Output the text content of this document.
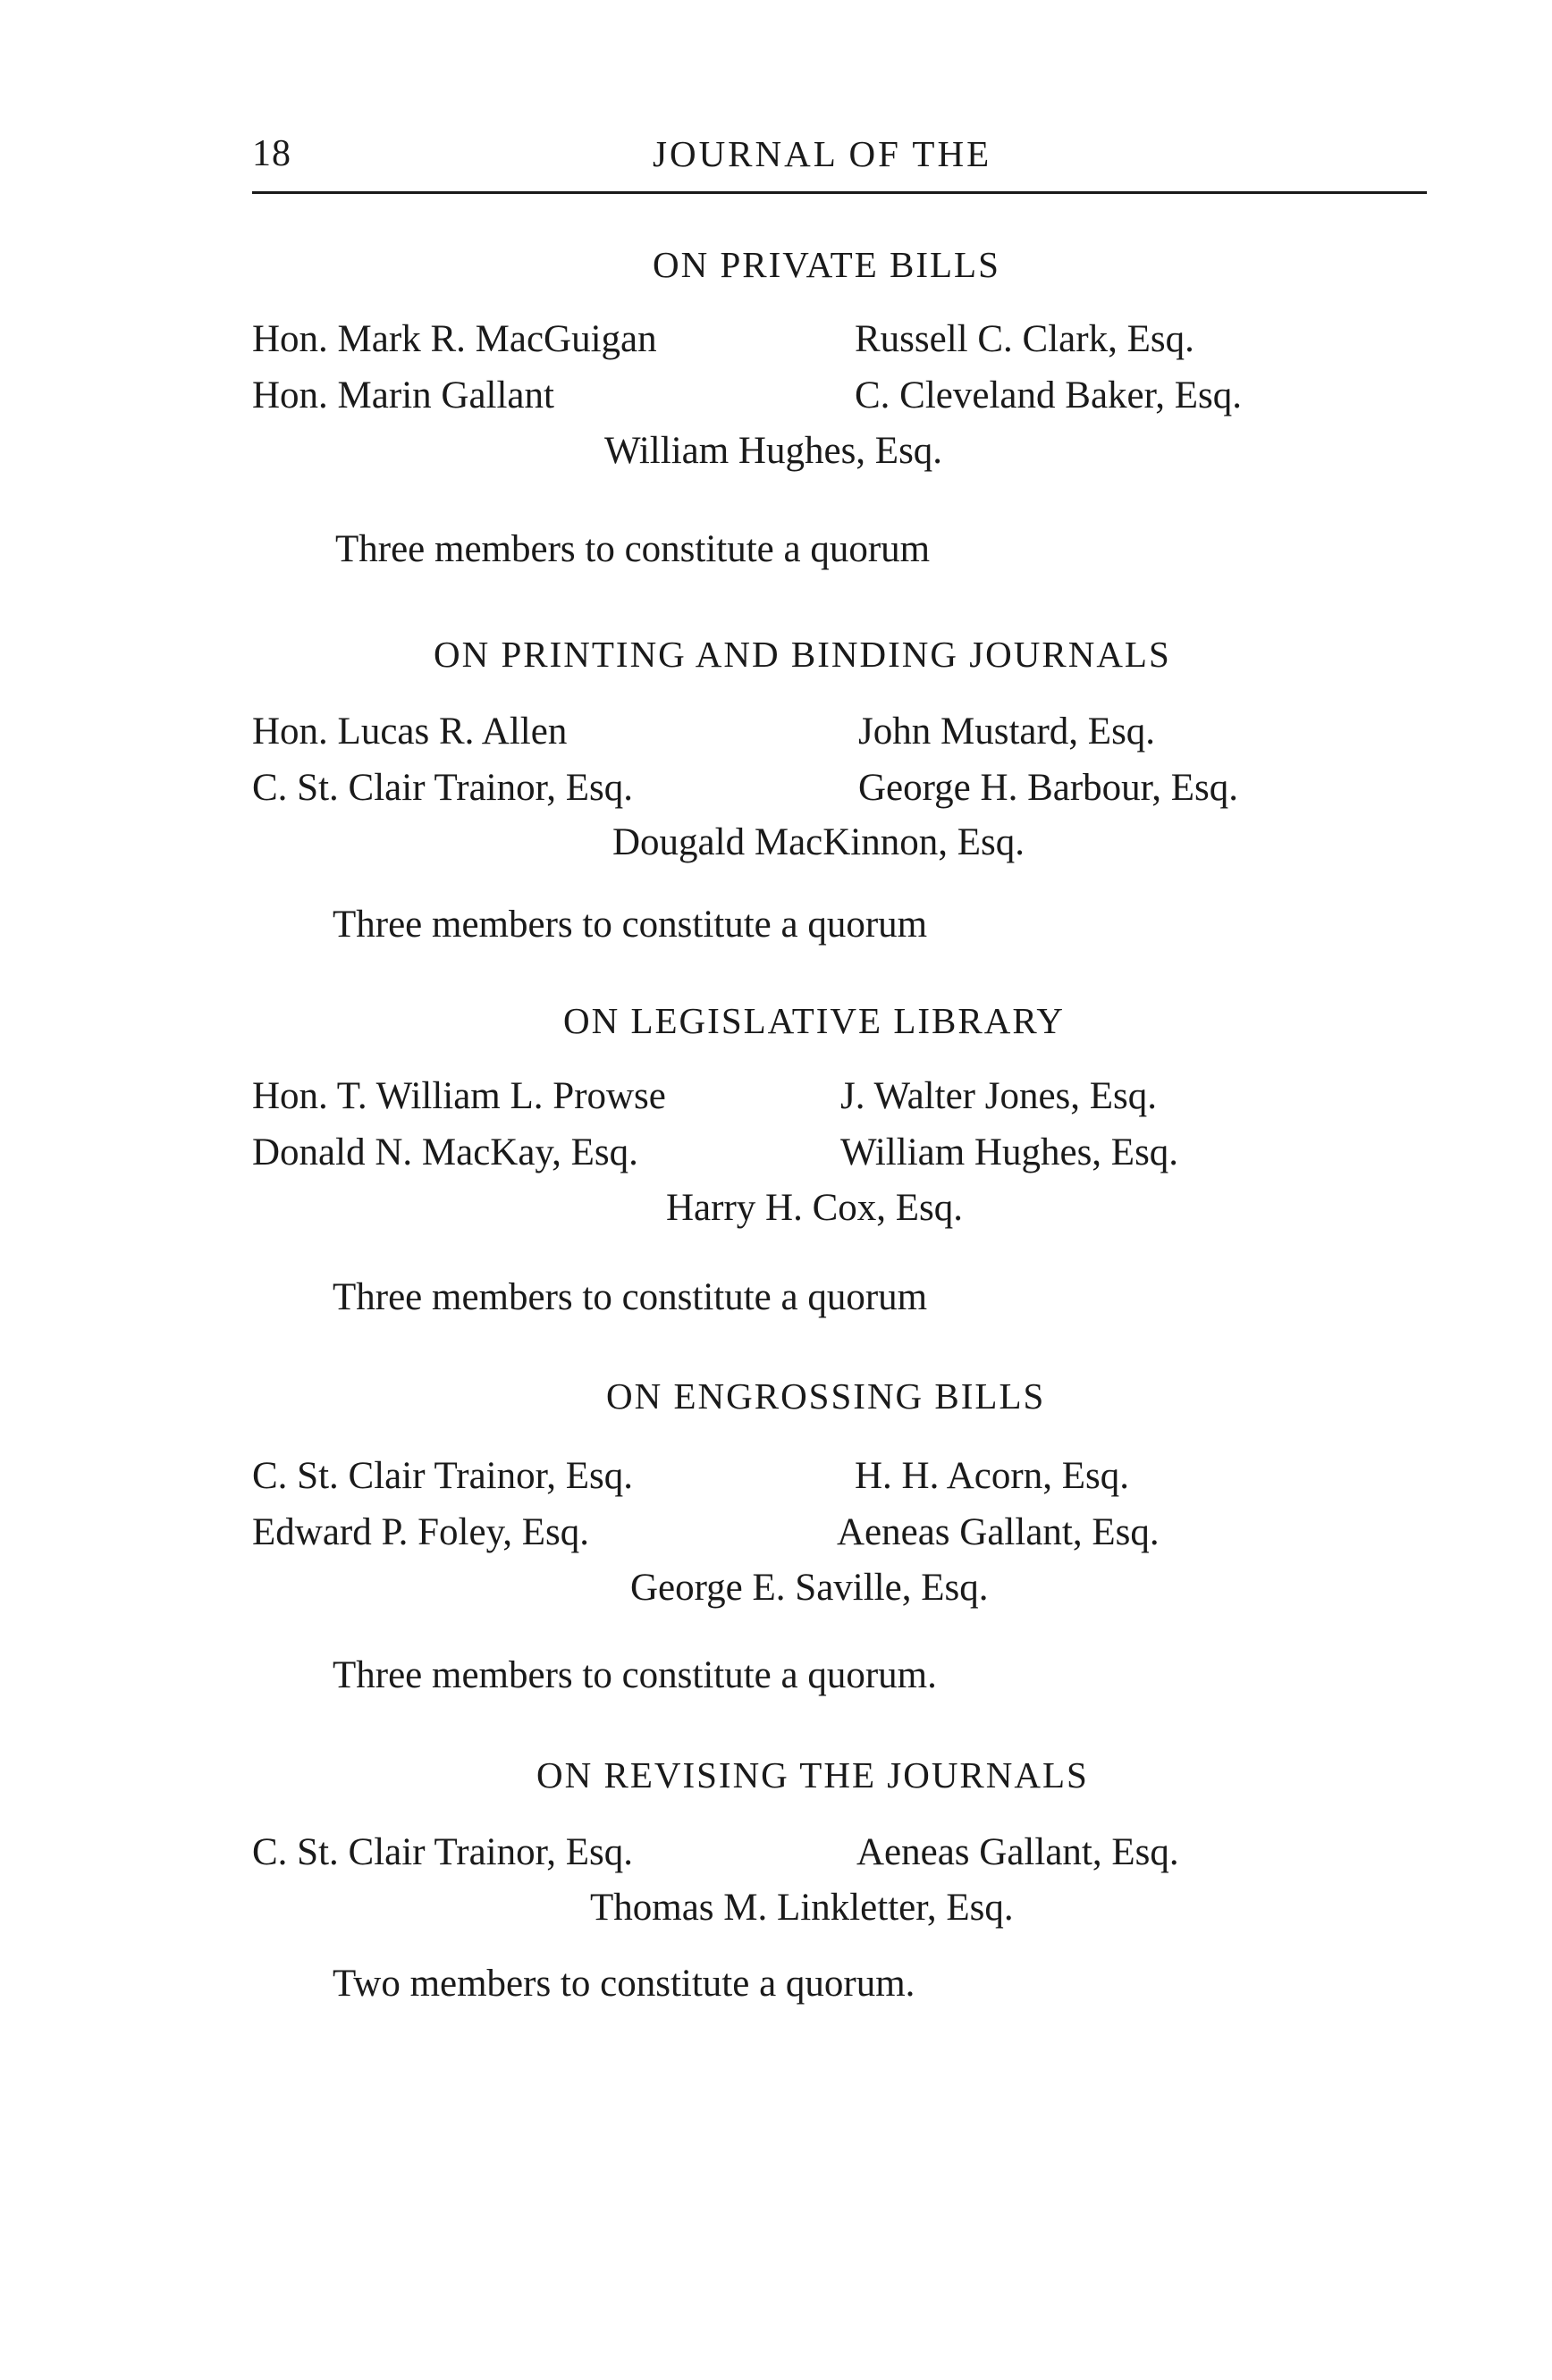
18	JOURNAL OF THE
ON PRIVATE BILLS
Hon. Mark R. MacGuigan
Hon. Marin Gallant
Russell C. Clark, Esq.
C. Cleveland Baker, Esq.
William Hughes, Esq.
Three members to constitute a quorum
ON PRINTING AND BINDING JOURNALS
Hon. Lucas R. Allen
C. St. Clair Trainor, Esq.
John Mustard, Esq.
George H. Barbour, Esq.
Dougald MacKinnon, Esq.
Three members to constitute a quorum
ON LEGISLATIVE LIBRARY
Hon. T. William L. Prowse
Donald N. MacKay, Esq.
J. Walter Jones, Esq.
William Hughes, Esq.
Harry H. Cox, Esq.
Three members to constitute a quorum
ON ENGROSSING BILLS
C. St. Clair Trainor, Esq.
Edward P. Foley, Esq.
H. H. Acorn, Esq.
Aeneas Gallant, Esq.
George E. Saville, Esq.
Three members to constitute a quorum.
ON REVISING THE JOURNALS
C. St. Clair Trainor, Esq.	Aeneas Gallant, Esq.
Thomas M. Linkletter, Esq.
Two members to constitute a quorum.
